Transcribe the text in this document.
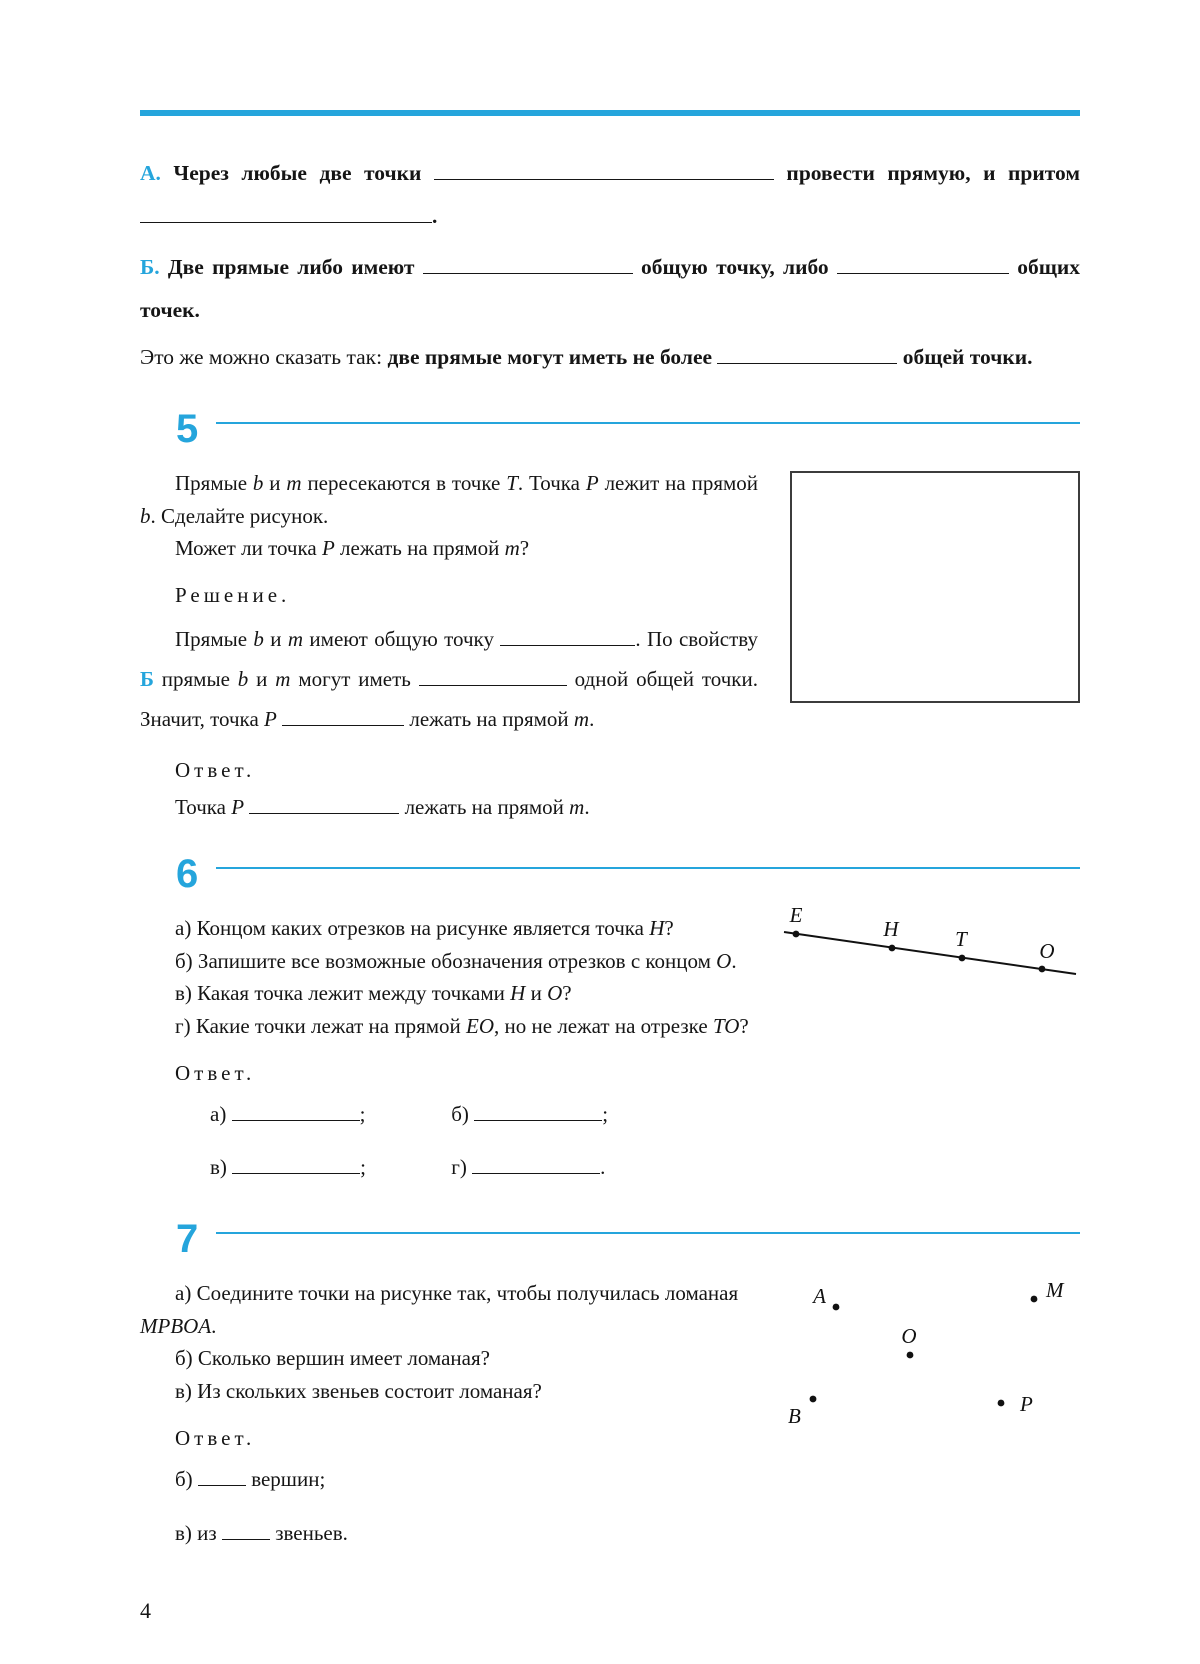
А. Через любые две точки	провести прямую, и притом .

Б. Две прямые либо имеют	общую точку, либо	общих точек.

Это же можно сказать так: две прямые могут иметь не более	общей точки.

5

Прямые b и m пересекаются в точке T. Точка P лежит на прямой b. Сделайте рисунок.

Может ли точка P лежать на прямой m?

Решение.

Прямые b и m имеют общую точку	. По свойству Б прямые b и m могут иметь	одной общей точки. Значит, точка P	лежать на прямой m.

Ответ.

Точка P	лежать на прямой m.

6
E
H	T	O

а) Концом каких отрезков на рисунке является точка H?

б) Запишите все возможные обозначения отрезков с концом O.

в) Какая точка лежит между точками H и O?

г) Какие точки лежат на прямой EO, но не лежат на отрезке TO?

Ответ.

а)	;	б)	;

в)	;	г)	.

7
A	M
O
B	P

а) Соедините точки на рисунке так, чтобы получилась ломаная MPBOA.

б) Сколько вершин имеет ломаная?

в) Из скольких звеньев состоит ломаная?

Ответ.

б)  вершин;

в) из  звеньев.

4
